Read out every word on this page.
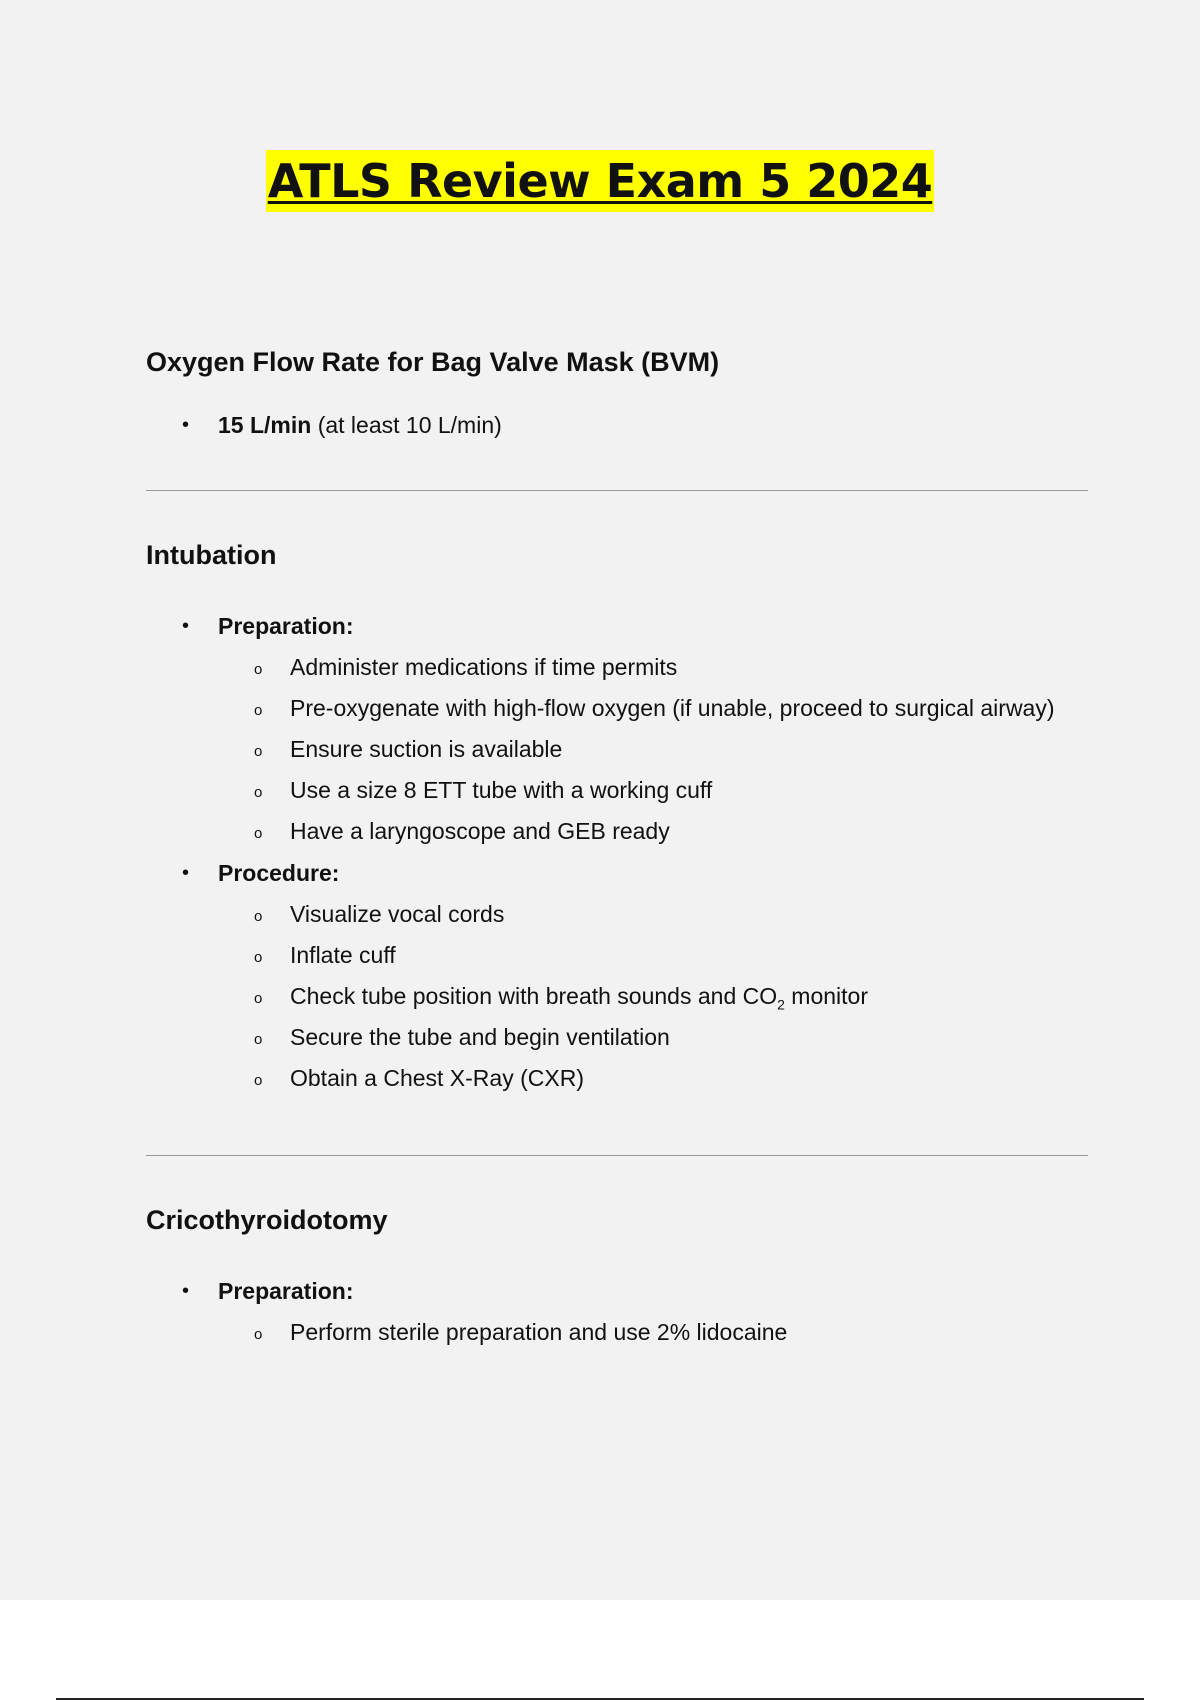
ATLS Review Exam 5 2024
Oxygen Flow Rate for Bag Valve Mask (BVM)
• 15 L/min (at least 10 L/min)
Intubation
• Preparation:
o Administer medications if time permits
o Pre-oxygenate with high-flow oxygen (if unable, proceed to surgical airway)
o Ensure suction is available
o Use a size 8 ETT tube with a working cuff
o Have a laryngoscope and GEB ready
• Procedure:
o Visualize vocal cords
o Inflate cuff
o Check tube position with breath sounds and $CO_2$ monitor
o Secure the tube and begin ventilation
o Obtain a Chest X-Ray (CXR)
Cricothyroidotomy
• Preparation:
o Perform sterile preparation and use 2% lidocaine
